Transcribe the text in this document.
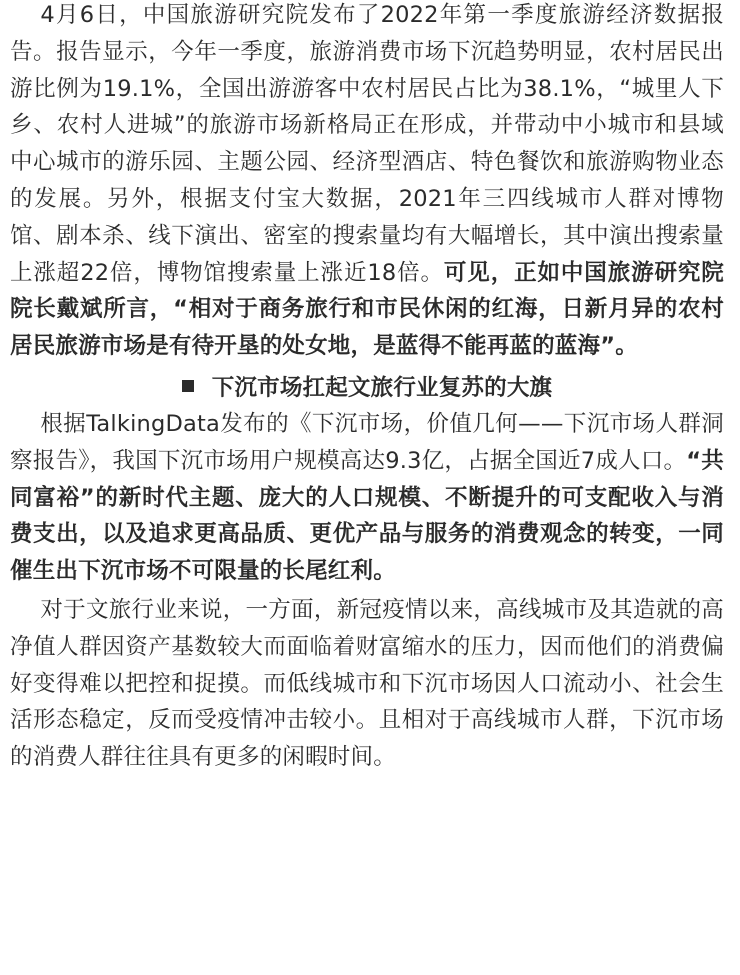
4月6日，中国旅游研究院发布了2022年第一季度旅游经济数据报告。报告显示，今年一季度，旅游消费市场下沉趋势明显，农村居民出游比例为19.1%，全国出游游客中农村居民占比为38.1%，“城里人下乡、农村人进城”的旅游市场新格局正在形成，并带动中小城市和县域中心城市的游乐园、主题公园、经济型酒店、特色餐饮和旅游购物业态的发展。另外，根据支付宝大数据，2021年三四线城市人群对博物馆、剧本杀、线下演出、密室的搜索量均有大幅增长，其中演出搜索量上涨超22倍，博物馆搜索量上涨近18倍。可见，正如中国旅游研究院院长戴斌所言，“相对于商务旅行和市民休闲的红海，日新月异的农村居民旅游市场是有待开垦的处女地，是蓝得不能再蓝的蓝海”。

下沉市场扛起文旅行业复苏的大旗

根据TalkingData发布的《下沉市场，价值几何——下沉市场人群洞察报告》，我国下沉市场用户规模高达9.3亿，占据全国近7成人口。“共同富裕”的新时代主题、庞大的人口规模、不断提升的可支配收入与消费支出，以及追求更高品质、更优产品与服务的消费观念的转变，一同催生出下沉市场不可限量的长尾红利。

对于文旅行业来说，一方面，新冠疫情以来，高线城市及其造就的高净值人群因资产基数较大而面临着财富缩水的压力，因而他们的消费偏好变得难以把控和捉摸。而低线城市和下沉市场因人口流动小、社会生活形态稳定，反而受疫情冲击较小。且相对于高线城市人群，下沉市场的消费人群往往具有更多的闲暇时间。
